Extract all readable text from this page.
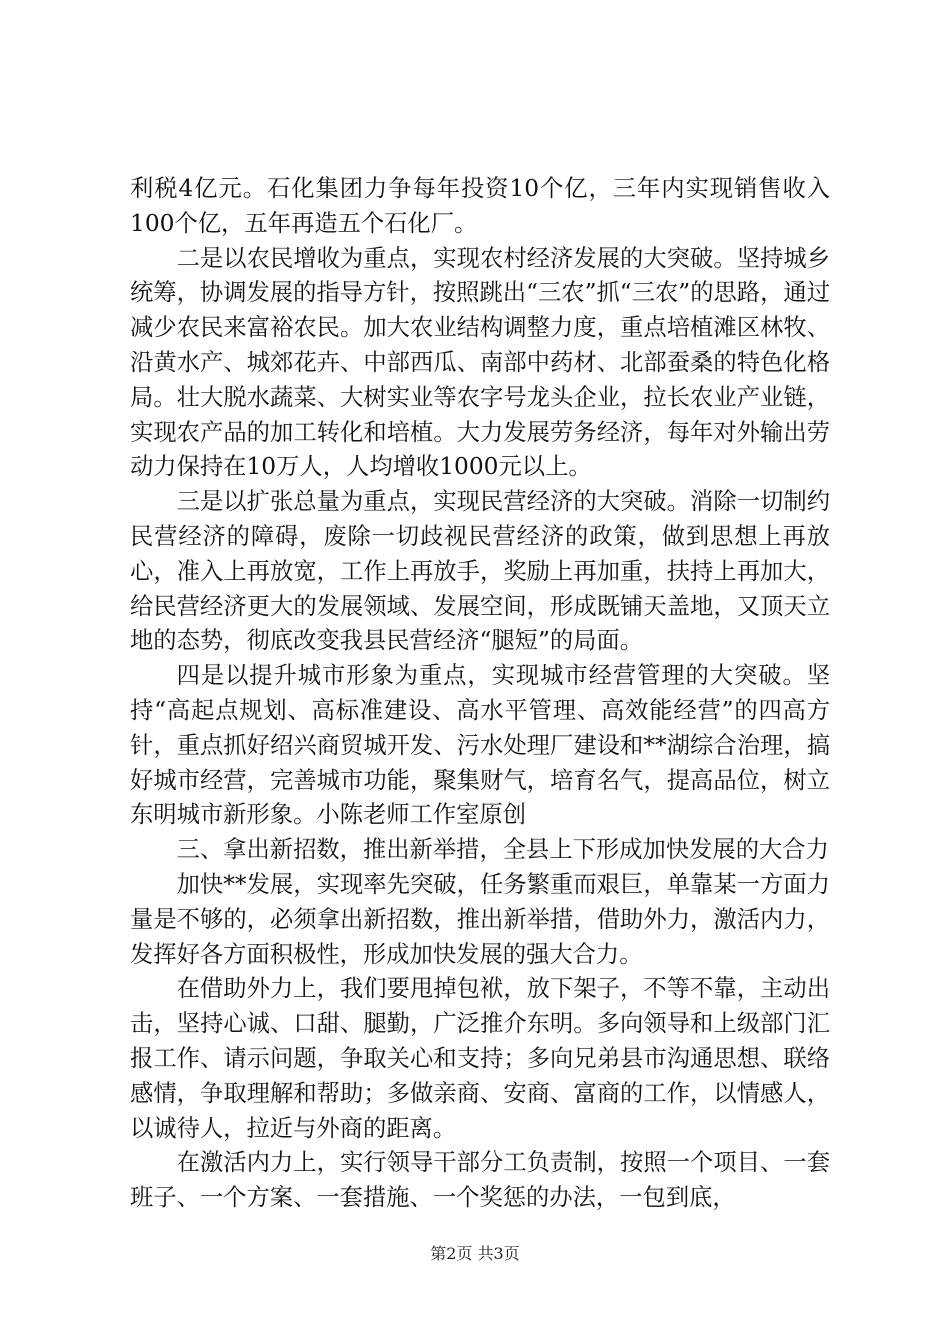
利税4亿元。石化集团力争每年投资10个亿，三年内实现销售收入100个亿，五年再造五个石化厂。

二是以农民增收为重点，实现农村经济发展的大突破。坚持城乡统筹，协调发展的指导方针，按照跳出“三农”抓“三农”的思路，通过减少农民来富裕农民。加大农业结构调整力度，重点培植滩区林牧、沿黄水产、城郊花卉、中部西瓜、南部中药材、北部蚕桑的特色化格局。壮大脱水蔬菜、大树实业等农字号龙头企业，拉长农业产业链，实现农产品的加工转化和培植。大力发展劳务经济，每年对外输出劳动力保持在10万人，人均增收1000元以上。

三是以扩张总量为重点，实现民营经济的大突破。消除一切制约民营经济的障碍，废除一切歧视民营经济的政策，做到思想上再放心，准入上再放宽，工作上再放手，奖励上再加重，扶持上再加大，给民营经济更大的发展领域、发展空间，形成既铺天盖地，又顶天立地的态势，彻底改变我县民营经济“腿短”的局面。

四是以提升城市形象为重点，实现城市经营管理的大突破。坚持“高起点规划、高标准建设、高水平管理、高效能经营”的四高方针，重点抓好绍兴商贸城开发、污水处理厂建设和**湖综合治理，搞好城市经营，完善城市功能，聚集财气，培育名气，提高品位，树立东明城市新形象。小陈老师工作室原创

三、拿出新招数，推出新举措，全县上下形成加快发展的大合力

加快**发展，实现率先突破，任务繁重而艰巨，单靠某一方面力量是不够的，必须拿出新招数，推出新举措，借助外力，激活内力，发挥好各方面积极性，形成加快发展的强大合力。

在借助外力上，我们要甩掉包袱，放下架子，不等不靠，主动出击，坚持心诚、口甜、腿勤，广泛推介东明。多向领导和上级部门汇报工作、请示问题，争取关心和支持；多向兄弟县市沟通思想、联络感情，争取理解和帮助；多做亲商、安商、富商的工作，以情感人，以诚待人，拉近与外商的距离。

在激活内力上，实行领导干部分工负责制，按照一个项目、一套班子、一个方案、一套措施、一个奖惩的办法，一包到底，

第2页 共3页
